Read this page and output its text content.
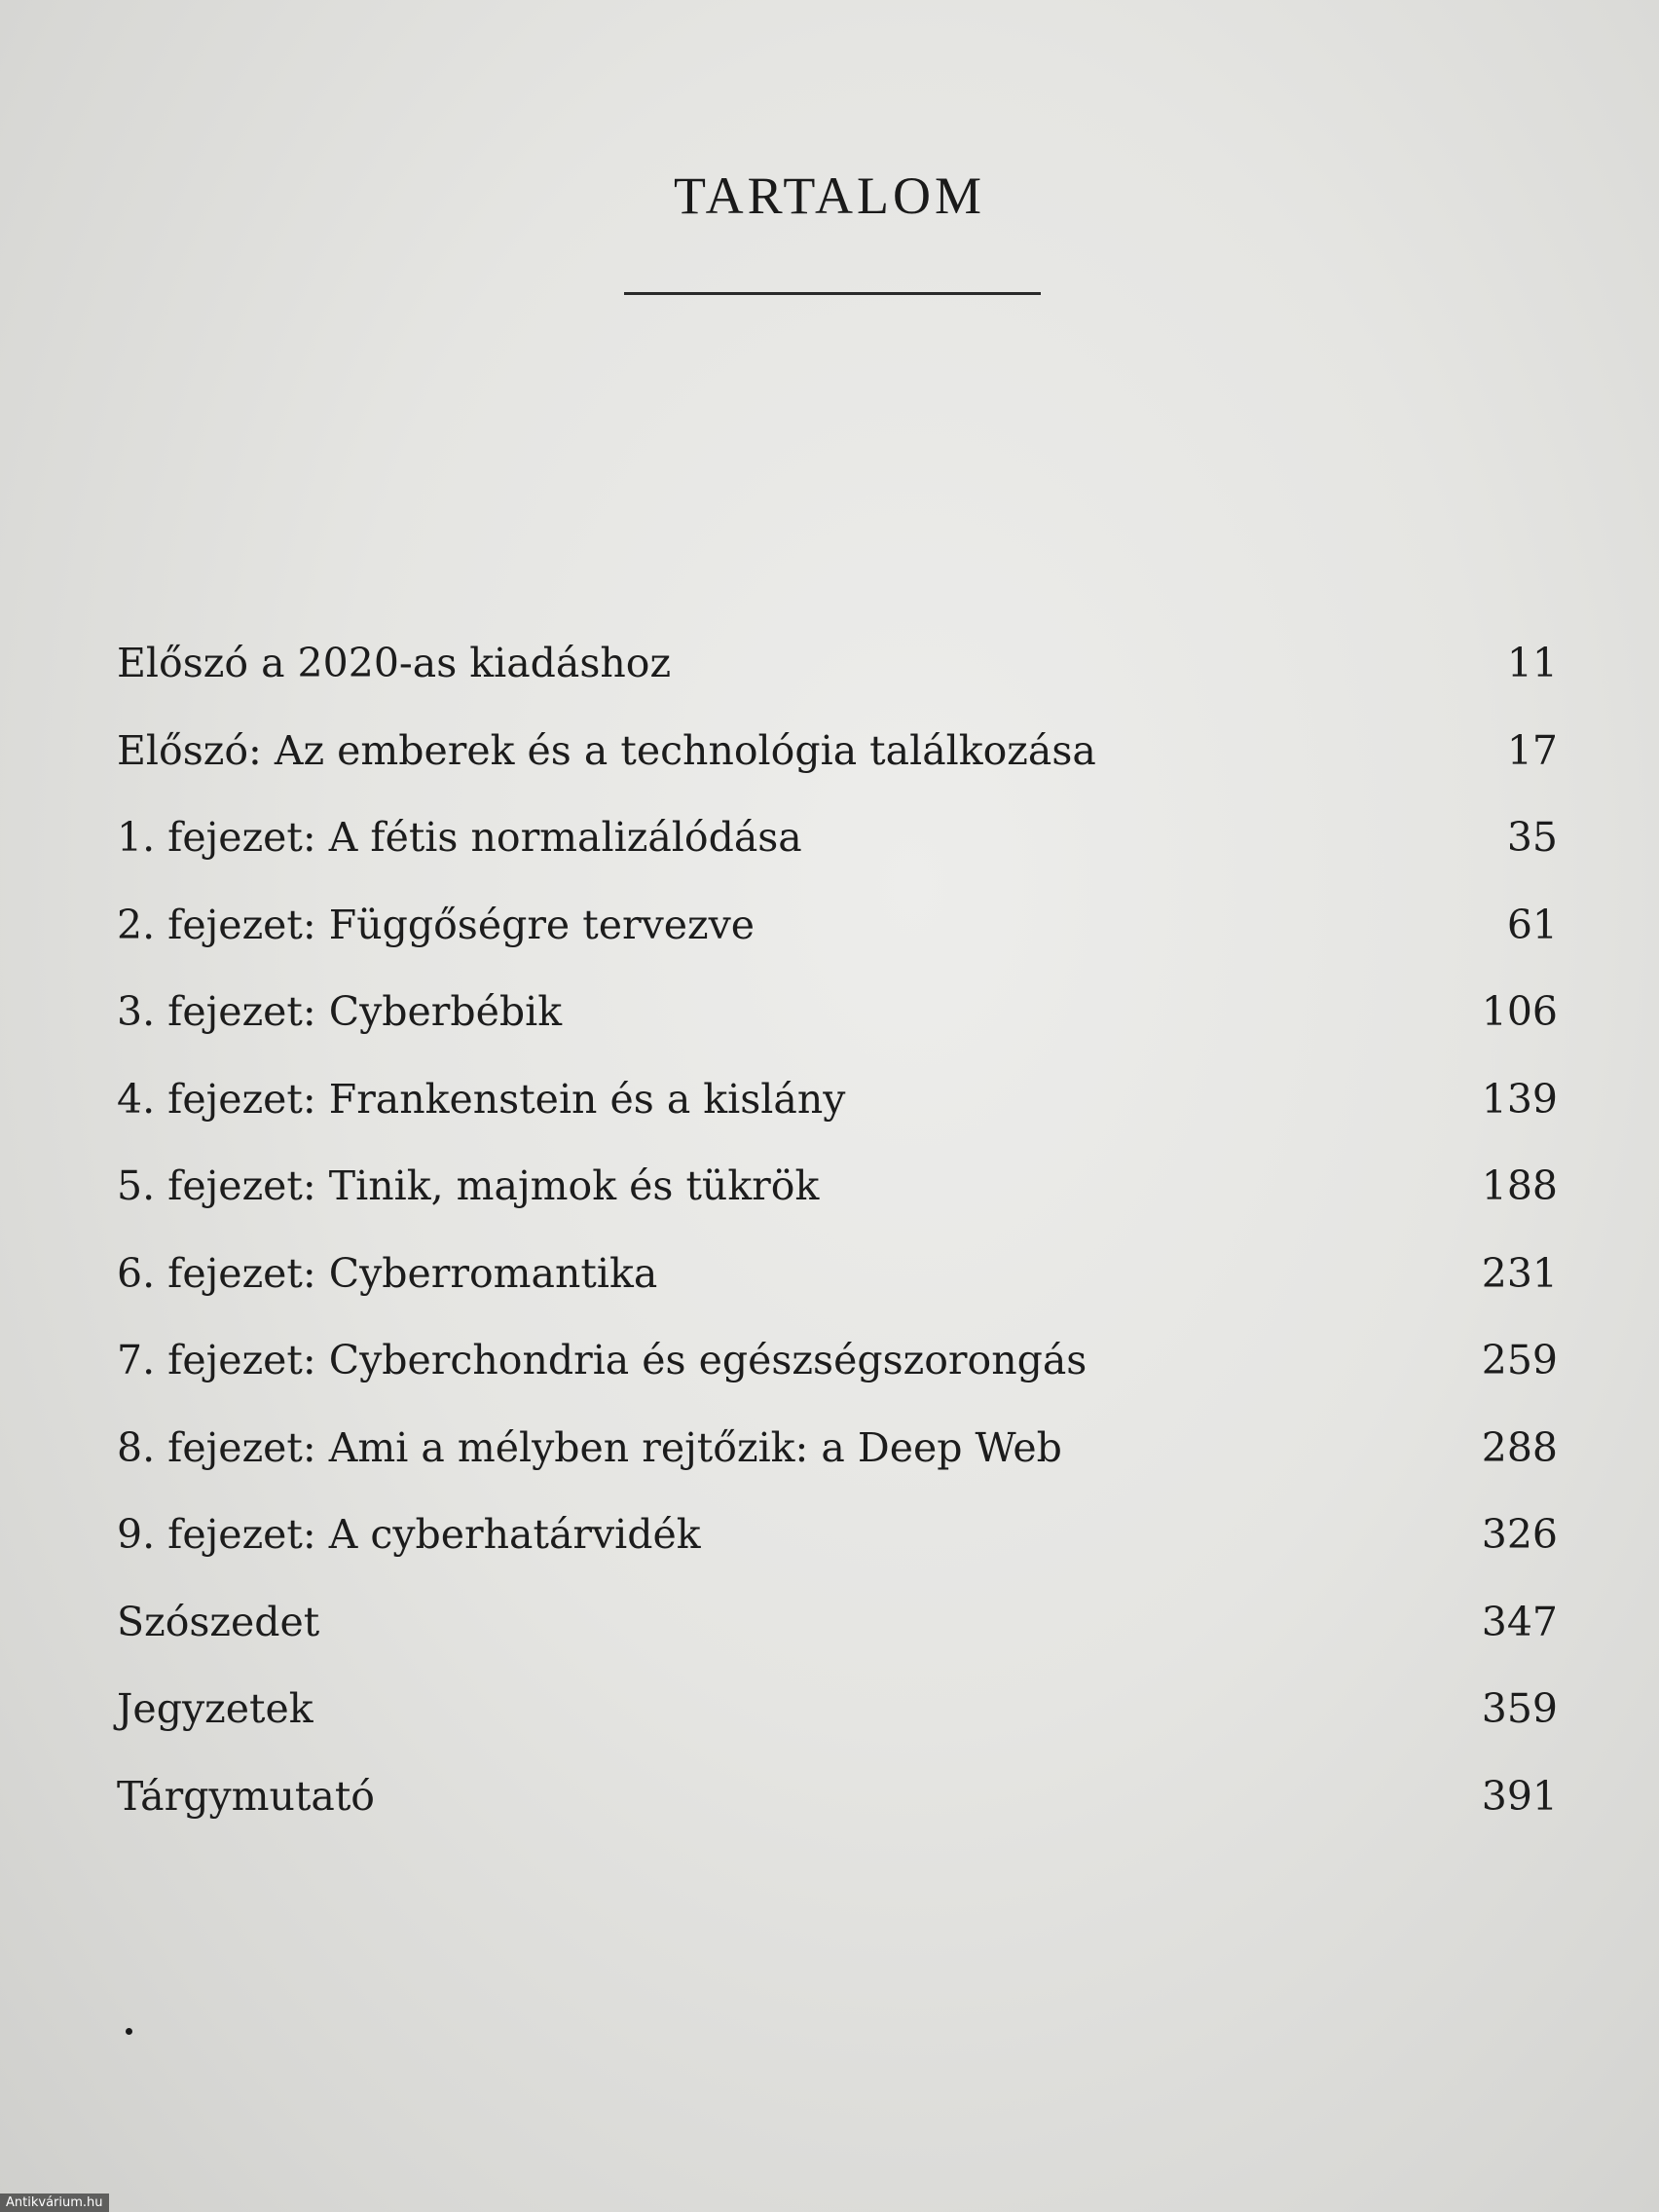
TARTALOM
Előszó a 2020-as kiadáshoz	11
Előszó: Az emberek és a technológia találkozása	17
1. fejezet: A fétis normalizálódása	35
2. fejezet: Függőségre tervezve	61
3. fejezet: Cyberbébik	106
4. fejezet: Frankenstein és a kislány	139
5. fejezet: Tinik, majmok és tükrök	188
6. fejezet: Cyberromantika	231
7. fejezet: Cyberchondria és egészségszorongás	259
8. fejezet: Ami a mélyben rejtőzik: a Deep Web	288
9. fejezet: A cyberhatárvidék	326
Szószedet	347
Jegyzetek	359
Tárgymutató	391
Antikvárium.hu
